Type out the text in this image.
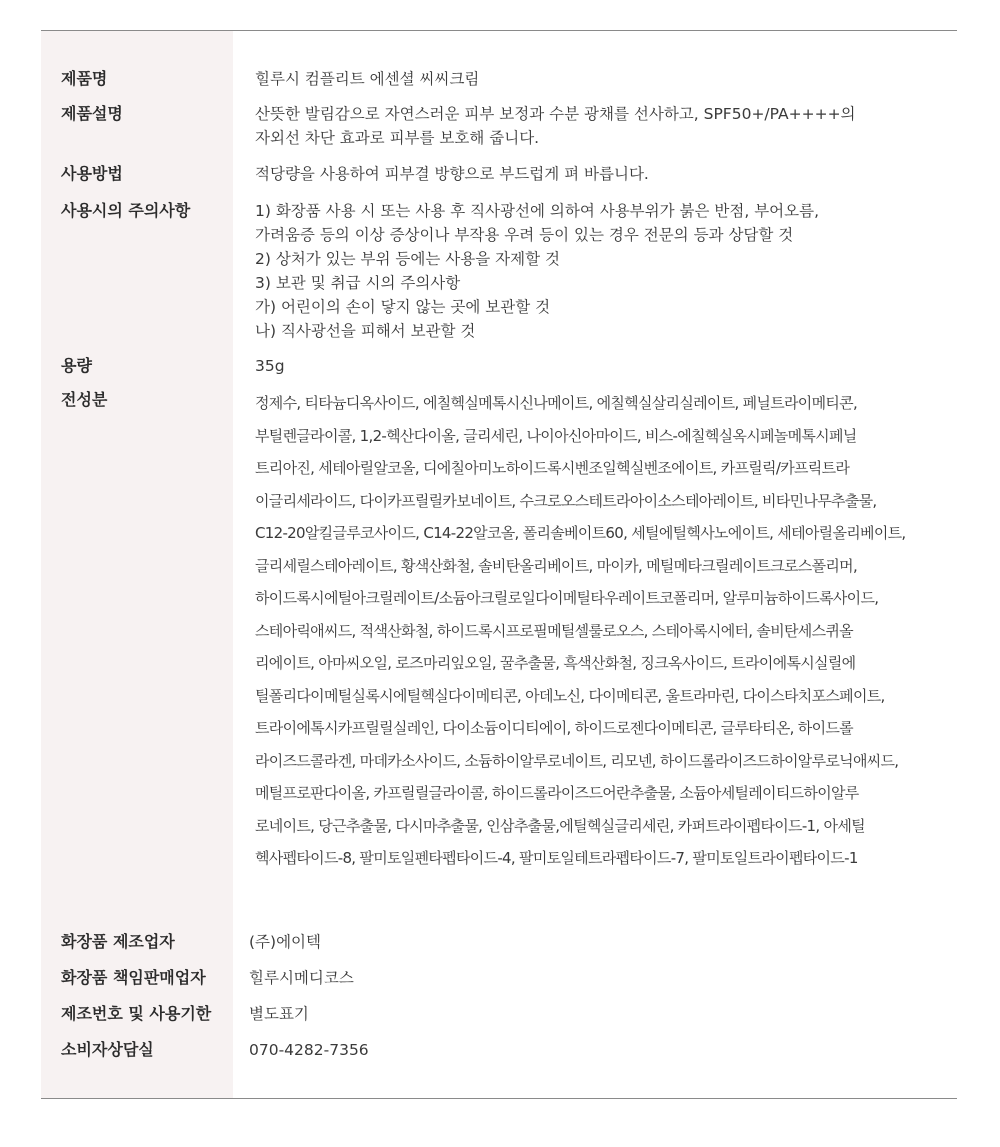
제품명	힐루시 컴플리트 에센셜 씨씨크림
제품설명	산뜻한 발림감으로 자연스러운 피부 보정과 수분 광채를 선사하고, SPF50+/PA++++의
자외선 차단 효과로 피부를 보호해 줍니다.
사용방법	적당량을 사용하여 피부결 방향으로 부드럽게 펴 바릅니다.
사용시의 주의사항	1) 화장품 사용 시 또는 사용 후 직사광선에 의하여 사용부위가 붉은 반점, 부어오름,
가려움증 등의 이상 증상이나 부작용 우려 등이 있는 경우 전문의 등과 상담할 것
2) 상처가 있는 부위 등에는 사용을 자제할 것
3) 보관 및 취급 시의 주의사항
가) 어린이의 손이 닿지 않는 곳에 보관할 것
나) 직사광선을 피해서 보관할 것
용량	35g
전성분	정제수, 티타늄디옥사이드, 에칠헥실메톡시신나메이트, 에칠헥실살리실레이트, 페닐트라이메티콘,
부틸렌글라이콜, 1,2-헥산다이올, 글리세린, 나이아신아마이드, 비스-에칠헥실옥시페놀메톡시페닐
트리아진, 세테아릴알코올, 디에칠아미노하이드록시벤조일헥실벤조에이트, 카프릴릭/카프릭트라
이글리세라이드, 다이카프릴릴카보네이트, 수크로오스테트라아이소스테아레이트, 비타민나무추출물,
C12-20알킬글루코사이드, C14-22알코올, 폴리솔베이트60, 세틸에틸헥사노에이트, 세테아릴올리베이트,
글리세릴스테아레이트, 황색산화철, 솔비탄올리베이트, 마이카, 메틸메타크릴레이트크로스폴리머,
하이드록시에틸아크릴레이트/소듐아크릴로일다이메틸타우레이트코폴리머, 알루미늄하이드록사이드,
스테아릭애씨드, 적색산화철, 하이드록시프로필메틸셀룰로오스, 스테아록시에터, 솔비탄세스퀴올
리에이트, 아마씨오일, 로즈마리잎오일, 꿀추출물, 흑색산화철, 징크옥사이드, 트라이에톡시실릴에
틸폴리다이메틸실록시에틸헥실다이메티콘, 아데노신, 다이메티콘, 울트라마린, 다이스타치포스페이트,
트라이에톡시카프릴릴실레인, 다이소듐이디티에이, 하이드로젠다이메티콘, 글루타티온, 하이드롤
라이즈드콜라겐, 마데카소사이드, 소듐하이알루로네이트, 리모넨, 하이드롤라이즈드하이알루로닉애씨드,
메틸프로판다이올, 카프릴릴글라이콜, 하이드롤라이즈드어란추출물, 소듐아세틸레이티드하이알루
로네이트, 당근추출물, 다시마추출물, 인삼추출물,에틸헥실글리세린, 카퍼트라이펩타이드-1, 아세틸
헥사펩타이드-8, 팔미토일펜타펩타이드-4, 팔미토일테트라펩타이드-7, 팔미토일트라이펩타이드-1
화장품 제조업자	(주)에이텍
화장품 책임판매업자	힐루시메디코스
제조번호 및 사용기한	별도표기
소비자상담실	070-4282-7356
